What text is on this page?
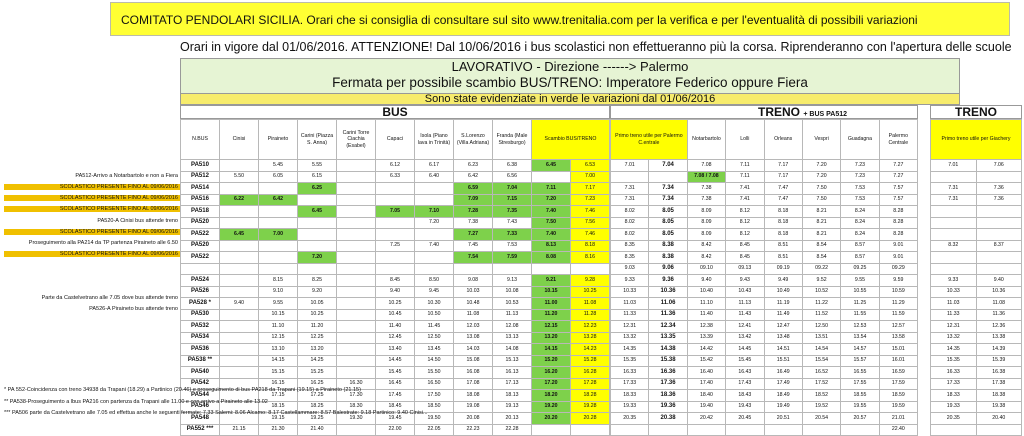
COMITATO PENDOLARI SICILIA. Orari che si consiglia di consultare sul sito www.trenitalia.com per la verifica e per l'eventualità di possibili variazioni
Orari in vigore dal 01/06/2016. ATTENZIONE! Dal 10/06/2016 i bus scolastici non effettueranno più la corsa. Riprenderanno con l'apertura delle scuole
LAVORATIVO - Direzione ------> Palermo
Fermata per possibile scambio BUS/TRENO: Imperatore Federico oppure Fiera
Sono state evidenziate in verde le variazioni dal 01/06/2016
BUS	TRENO + BUS PA512	TRENO
PA512-Arrivo a Notarbartolo e non a Fiera
SCOLASTICO PRESENTE FINO AL 09/06/2016
SCOLASTICO PRESENTE FINO AL 09/06/2016
SCOLASTICO PRESENTE FINO AL 09/06/2016
PA520-A Cinisi bus attende treno
SCOLASTICO PRESENTE FINO AL 09/06/2016
Proseguimento alla PA214 da TP partenza Piraineto alle 6.50
SCOLASTICO PRESENTE FINO AL 09/06/2016
Parte da Castelvetrano alle 7.05 dove bus attende treno
PA526-A Piraineto bus attende treno
N.BUS	Cinisi	Piraineto	Carini (Piazza S. Anna)	Carini Torre Ciachia (Esabel)	Capaci	Isola (Piano lava in Trinità)	S.Lorenzo (Villa Adriana)	Franda (Male Stresburgo)	Scambio BUS/TRENO	
PA510		5.45	5.55		6.12	6.17	6.23	6.38	6.45	6.53
PA512	5.50	6.05	6.15		6.33	6.40	6.42	6.56		7.00
PA514			6.25				6.59	7.04	7.11	7.17
PA516	6.22	6.42					7.09	7.15	7.20	7.23
PA518			6.45		7.05	7.10	7.28	7.35	7.40	7.46
PA520						7.20	7.38	7.43	7.50	7.56
PA522	6.45	7.00					7.27	7.33	7.40	7.46
PA520					7.25	7.40	7.45	7.53	8.13	8.18
PA522			7.20				7.54	7.59	8.08	8.16

PA524		8.15	8.25		8.45	8.50	9.08	9.13	9.21	9.28
PA526		9.10	9.20		9.40	9.45	10.03	10.08	10.15	10.25
PA528 *	9.40	9.55	10.05		10.25	10.30	10.48	10.53	11.00	11.08
PA530		10.15	10.25		10.45	10.50	11.08	11.13	11.20	11.28
PA532		11.10	11.20		11.40	11.45	12.03	12.08	12.15	12.23
PA534		12.15	12.25		12.45	12.50	13.08	13.13	13.20	13.28
PA536		13.10	13.20		13.40	13.45	14.03	14.08	14.15	14.23
PA538 **		14.15	14.25		14.45	14.50	15.08	15.13	15.20	15.28
PA540		15.15	15.25		15.45	15.50	16.08	16.13	16.20	16.28
PA542		16.15	16.25	16.30	16.45	16.50	17.08	17.13	17.20	17.28
PA544		17.15	17.25	17.30	17.45	17.50	18.08	18.13	18.20	18.28
PA546		18.15	18.25	18.30	18.45	18.50	19.08	19.13	19.20	19.28
PA548		19.15	19.25	19.30	19.45	19.50	20.08	20.13	20.20	20.28
PA552 ***	21.15	21.30	21.40		22.00	22.05	22.23	22.28		
Primo treno utile per Palermo C.entrale		Notarbartolo	Lolli	Orleans	Vespri	Guadagna	Palermo Centrale
7.01	7.04	7.08	7.11	7.17	7.20	7.23	7.27
		7.08 / 7.08	7.11	7.17	7.20	7.23	7.27
7.31	7.34	7.38	7.41	7.47	7.50	7.53	7.57
7.31	7.34	7.38	7.41	7.47	7.50	7.53	7.57
8.02	8.05	8.09	8.12	8.18	8.21	8.24	8.28
8.02	8.05	8.09	8.12	8.18	8.21	8.24	8.28
8.02	8.05	8.09	8.12	8.18	8.21	8.24	8.28
8.35	8.38	8.42	8.45	8.51	8.54	8.57	9.01
8.35	8.38	8.42	8.45	8.51	8.54	8.57	9.01
9.03	9.06	09.10	09.13	09.19	09.22	09.25	09.29
9.33	9.36	9.40	9.43	9.49	9.52	9.55	9.59
10.33	10.36	10.40	10.43	10.49	10.52	10.55	10.59
11.03	11.06	11.10	11.13	11.19	11.22	11.25	11.29
11.33	11.36	11.40	11.43	11.49	11.52	11.55	11.59
12.31	12.34	12.38	12.41	12.47	12.50	12.53	12.57
13.32	13.35	13.39	13.42	13.48	13.51	13.54	13.58
14.35	14.38	14.42	14.45	14.51	14.54	14.57	15.01
15.35	15.38	15.42	15.45	15.51	15.54	15.57	16.01
16.33	16.36	16.40	16.43	16.49	16.52	16.55	16.59
17.33	17.36	17.40	17.43	17.49	17.52	17.55	17.59
18.33	18.36	18.40	18.43	18.49	18.52	18.55	18.59
19.33	19.36	19.40	19.43	19.49	19.52	19.55	19.59
20.35	20.38	20.42	20.45	20.51	20.54	20.57	21.01
							22.40
Primo treno utile per Giachery	
7.01	7.06

7.31	7.36
7.31	7.36

8.32	8.37

9.33	9.40
10.33	10.36
11.03	11.08
11.33	11.36
12.31	12.36
13.32	13.38
14.35	14.39
15.35	15.39
16.33	16.38
17.33	17.38
18.33	18.38
19.33	19.38
20.35	20.40

* PA 552-Coincidenza con treno 34938 da Trapani (18.29) a Partinico (20.46) e proseguimento di bus PA218 da Trapani (19.15) a Piraineto (21.15)
** PA538-Proseguimento a lbus PA216 con partenza da Trapani alle 11.00 e con arrivo a Piraineto alle 13.02
*** PA506 parte da Castelvetrano alle 7.05 ed effettua anche le seguenti fermate: 7.33 Salemi: 8.06 Alcamo: 8.17 Castellammare: 8.57 Balestrate: 9.18 Partinico: 9.40 Cinisi...
